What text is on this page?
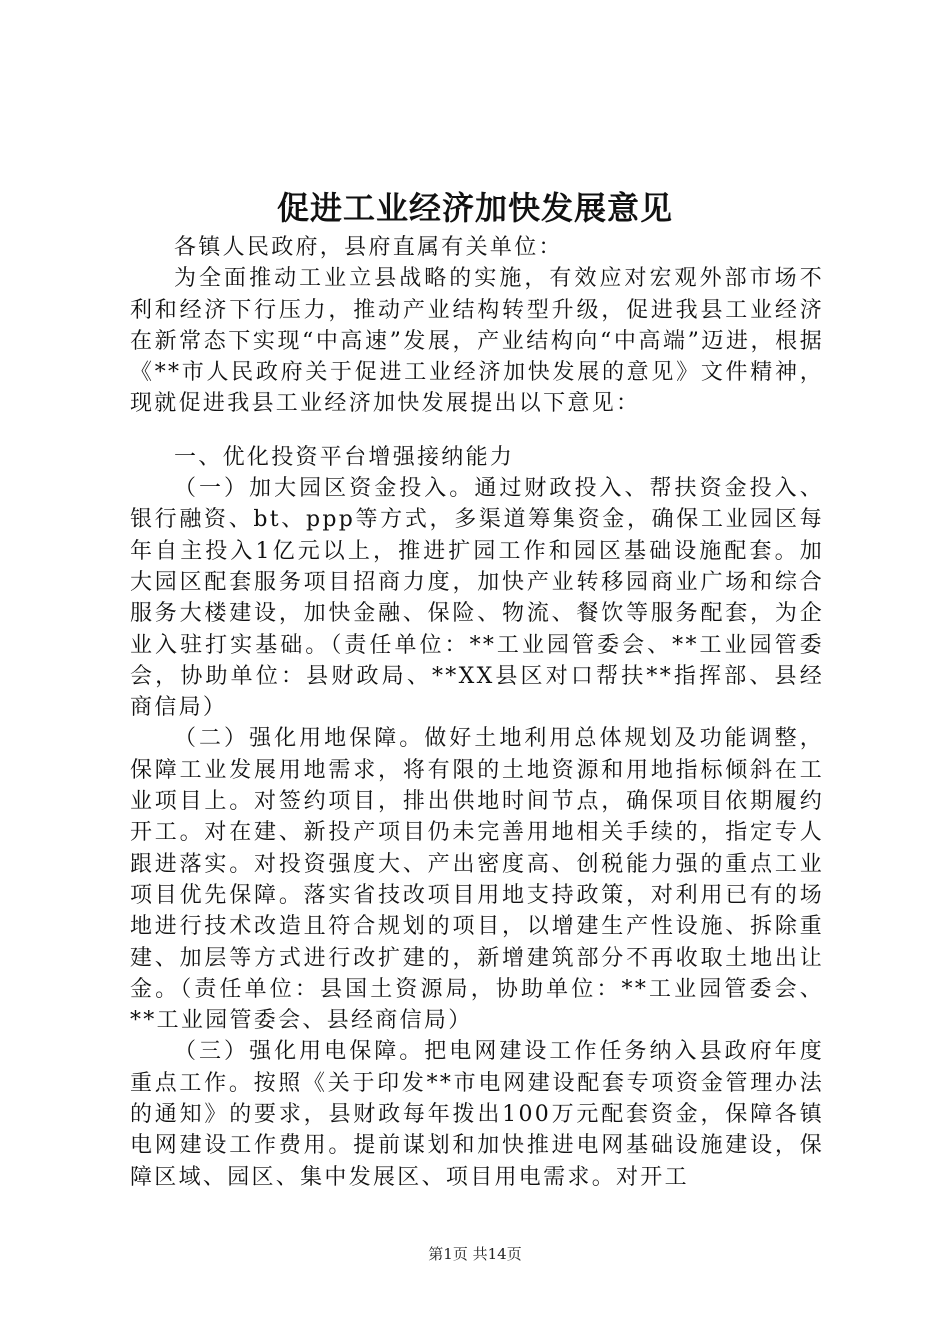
促进工业经济加快发展意见

各镇人民政府，县府直属有关单位：

为全面推动工业立县战略的实施，有效应对宏观外部市场不利和经济下行压力，推动产业结构转型升级，促进我县工业经济在新常态下实现“中高速”发展，产业结构向“中高端”迈进，根据《**市人民政府关于促进工业经济加快发展的意见》文件精神，现就促进我县工业经济加快发展提出以下意见：

一、优化投资平台增强接纳能力

（一）加大园区资金投入。通过财政投入、帮扶资金投入、银行融资、bt、ppp等方式，多渠道筹集资金，确保工业园区每年自主投入1亿元以上，推进扩园工作和园区基础设施配套。加大园区配套服务项目招商力度，加快产业转移园商业广场和综合服务大楼建设，加快金融、保险、物流、餐饮等服务配套，为企业入驻打实基础。（责任单位：**工业园管委会、**工业园管委会，协助单位：县财政局、**XX县区对口帮扶**指挥部、县经商信局）

（二）强化用地保障。做好土地利用总体规划及功能调整，保障工业发展用地需求，将有限的土地资源和用地指标倾斜在工业项目上。对签约项目，排出供地时间节点，确保项目依期履约开工。对在建、新投产项目仍未完善用地相关手续的，指定专人跟进落实。对投资强度大、产出密度高、创税能力强的重点工业项目优先保障。落实省技改项目用地支持政策，对利用已有的场地进行技术改造且符合规划的项目，以增建生产性设施、拆除重建、加层等方式进行改扩建的，新增建筑部分不再收取土地出让金。（责任单位：县国土资源局，协助单位：**工业园管委会、**工业园管委会、县经商信局）

（三）强化用电保障。把电网建设工作任务纳入县政府年度重点工作。按照《关于印发**市电网建设配套专项资金管理办法的通知》的要求，县财政每年拨出100万元配套资金，保障各镇电网建设工作费用。提前谋划和加快推进电网基础设施建设，保障区域、园区、集中发展区、项目用电需求。对开工

第1页 共14页
